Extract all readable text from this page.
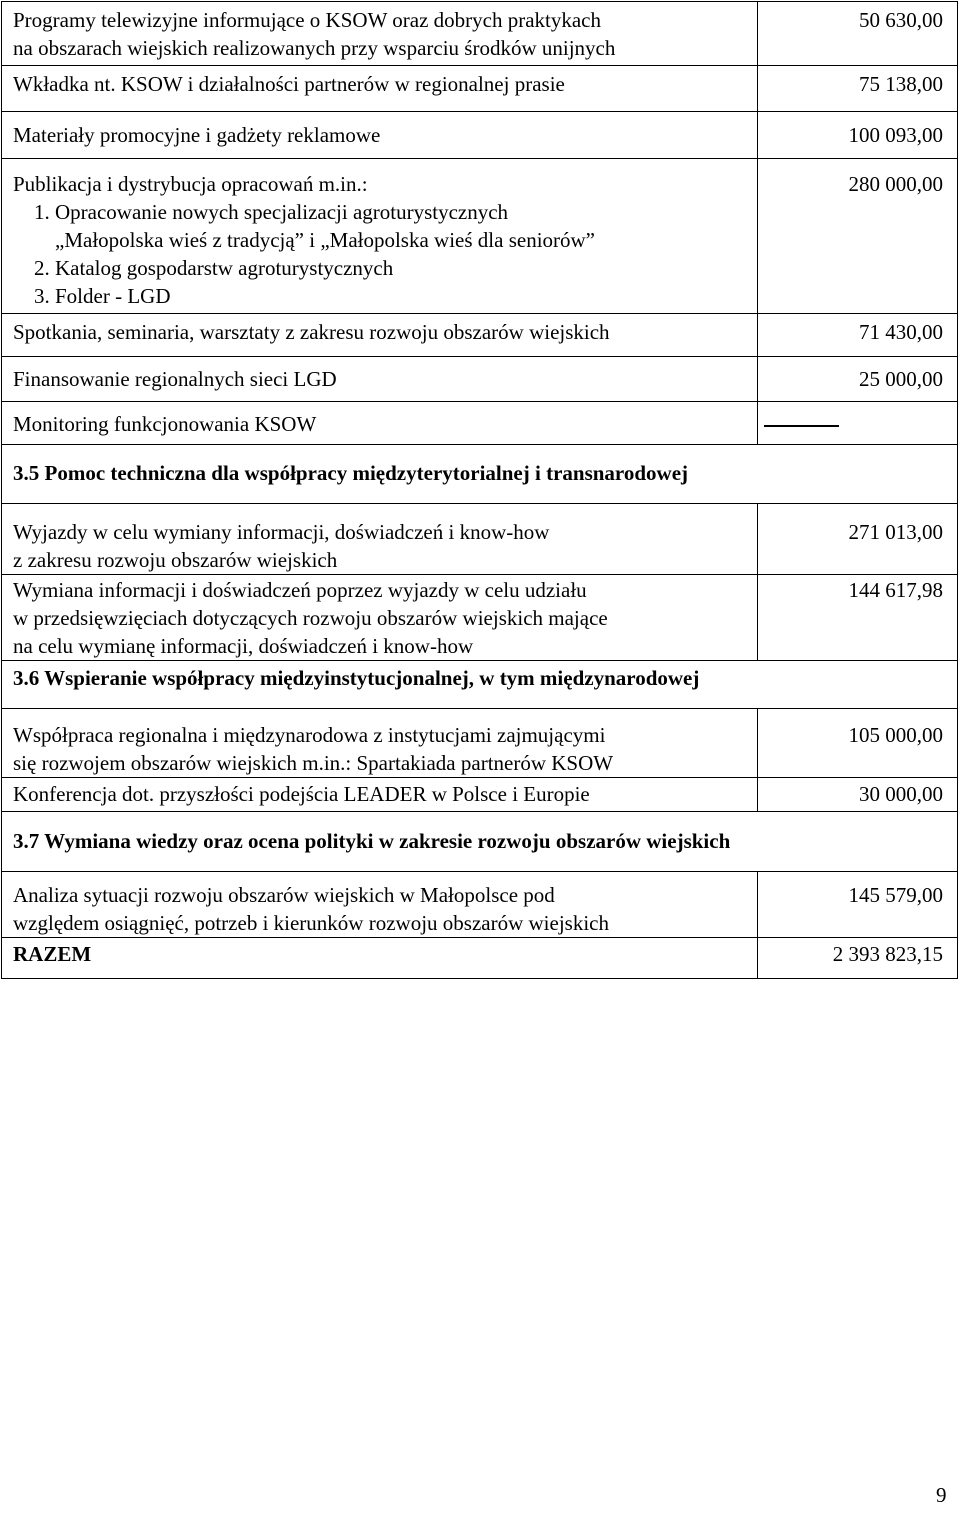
Programy telewizyjne informujące o KSOW oraz dobrych praktykach
na obszarach wiejskich realizowanych przy wsparciu środków unijnych	50 630,00

Wkładka nt. KSOW i działalności partnerów w regionalnej prasie	75 138,00

Materiały promocyjne i gadżety reklamowe	100 093,00

Publikacja i dystrybucja opracowań m.in.:
1. Opracowanie nowych specjalizacji agroturystycznych
„Małopolska wieś z tradycją” i „Małopolska wieś dla seniorów”
2. Katalog gospodarstw agroturystycznych
3. Folder - LGD	280 000,00

Spotkania, seminaria, warsztaty z zakresu rozwoju obszarów wiejskich	71 430,00

Finansowanie regionalnych sieci LGD	25 000,00

Monitoring funkcjonowania KSOW	

3.5 Pomoc techniczna dla współpracy międzyterytorialnej i transnarodowej	

Wyjazdy w celu wymiany informacji, doświadczeń i know-how
z zakresu rozwoju obszarów wiejskich	271 013,00

Wymiana informacji i doświadczeń poprzez wyjazdy w celu udziału
w przedsięwzięciach dotyczących rozwoju obszarów wiejskich mające
na celu wymianę informacji, doświadczeń i know-how	144 617,98
3.6 Wspieranie współpracy międzyinstytucjonalnej, w tym międzynarodowej	

Współpraca regionalna i międzynarodowa z instytucjami zajmującymi
się rozwojem obszarów wiejskich m.in.: Spartakiada partnerów KSOW	105 000,00

Konferencja dot. przyszłości podejścia LEADER w Polsce i Europie	30 000,00
3.7 Wymiana wiedzy oraz ocena polityki w zakresie rozwoju obszarów wiejskich	

Analiza sytuacji rozwoju obszarów wiejskich w Małopolsce pod
względem osiągnięć, potrzeb i kierunków rozwoju obszarów wiejskich	145 579,00
RAZEM	2 393 823,15
9
